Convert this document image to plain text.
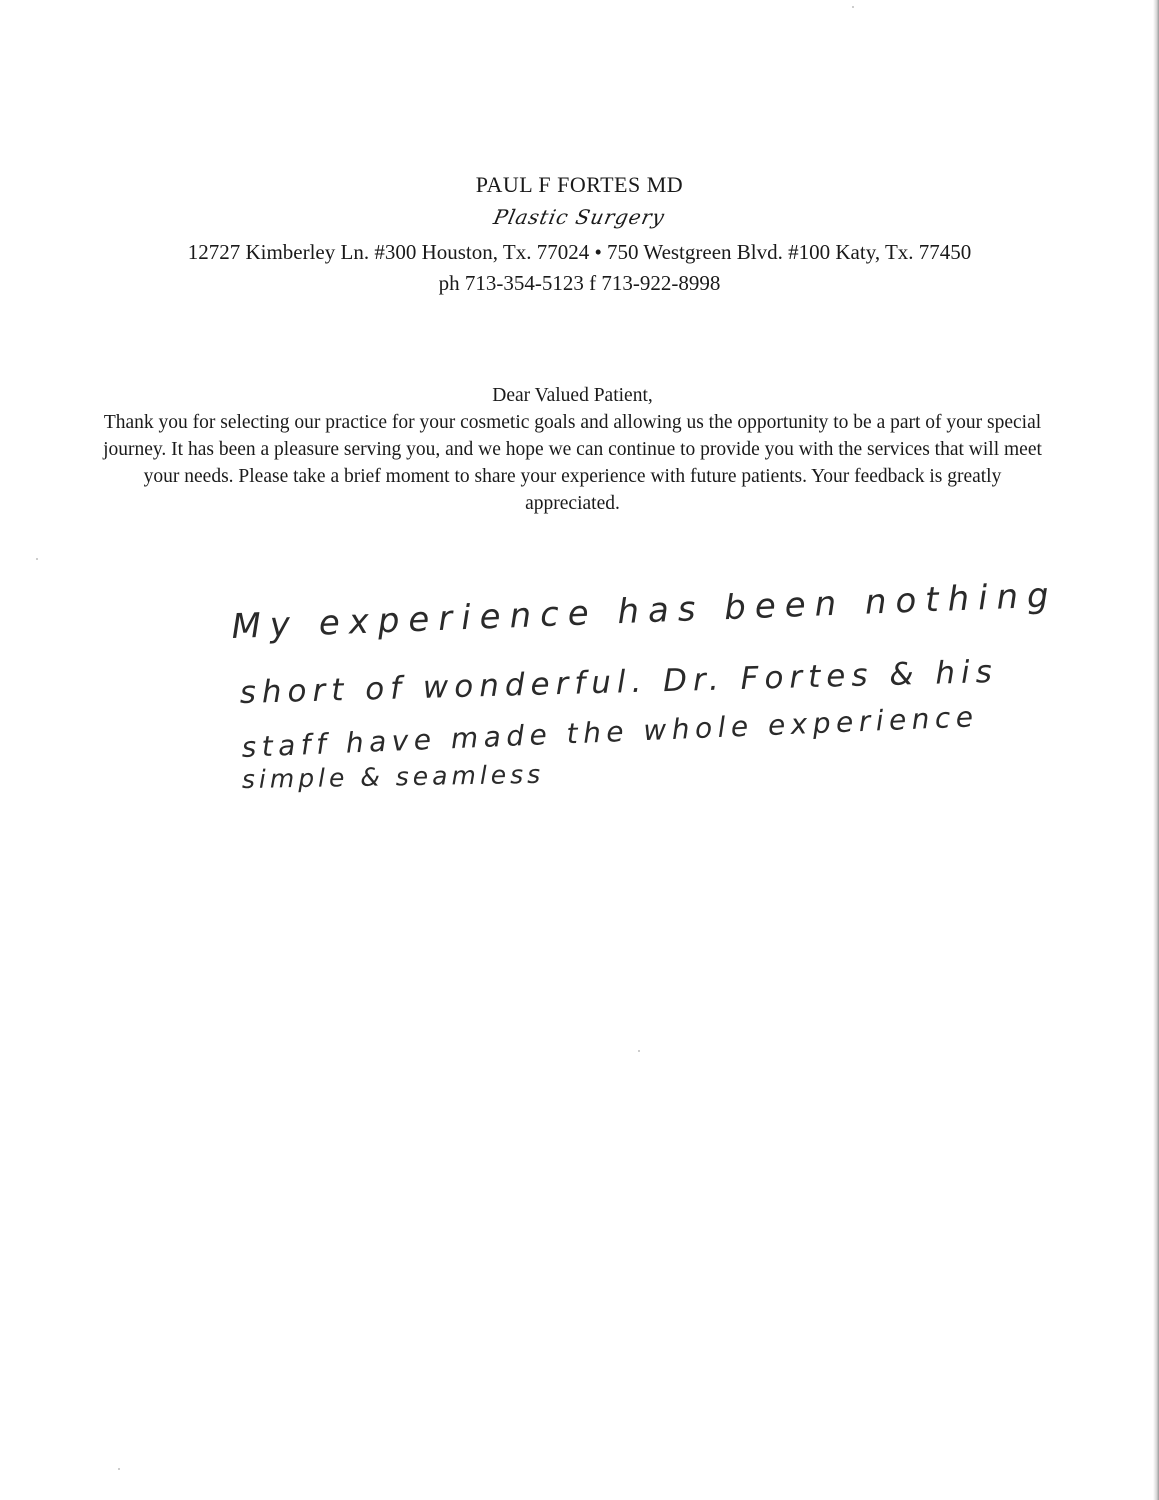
PAUL F FORTES MD

Plastic Surgery

12727 Kimberley Ln. #300 Houston, Tx. 77024 • 750 Westgreen Blvd. #100 Katy, Tx. 77450

ph 713-354-5123 f 713-922-8998

Dear Valued Patient,

Thank you for selecting our practice for your cosmetic goals and allowing us the opportunity to be a part of your special journey. It has been a pleasure serving you, and we hope we can continue to provide you with the services that will meet your needs. Please take a brief moment to share your experience with future patients. Your feedback is greatly appreciated.

My experience has been nothing
short of wonderful. Dr. Fortes & his
staff have made the whole experience
simple & seamless
